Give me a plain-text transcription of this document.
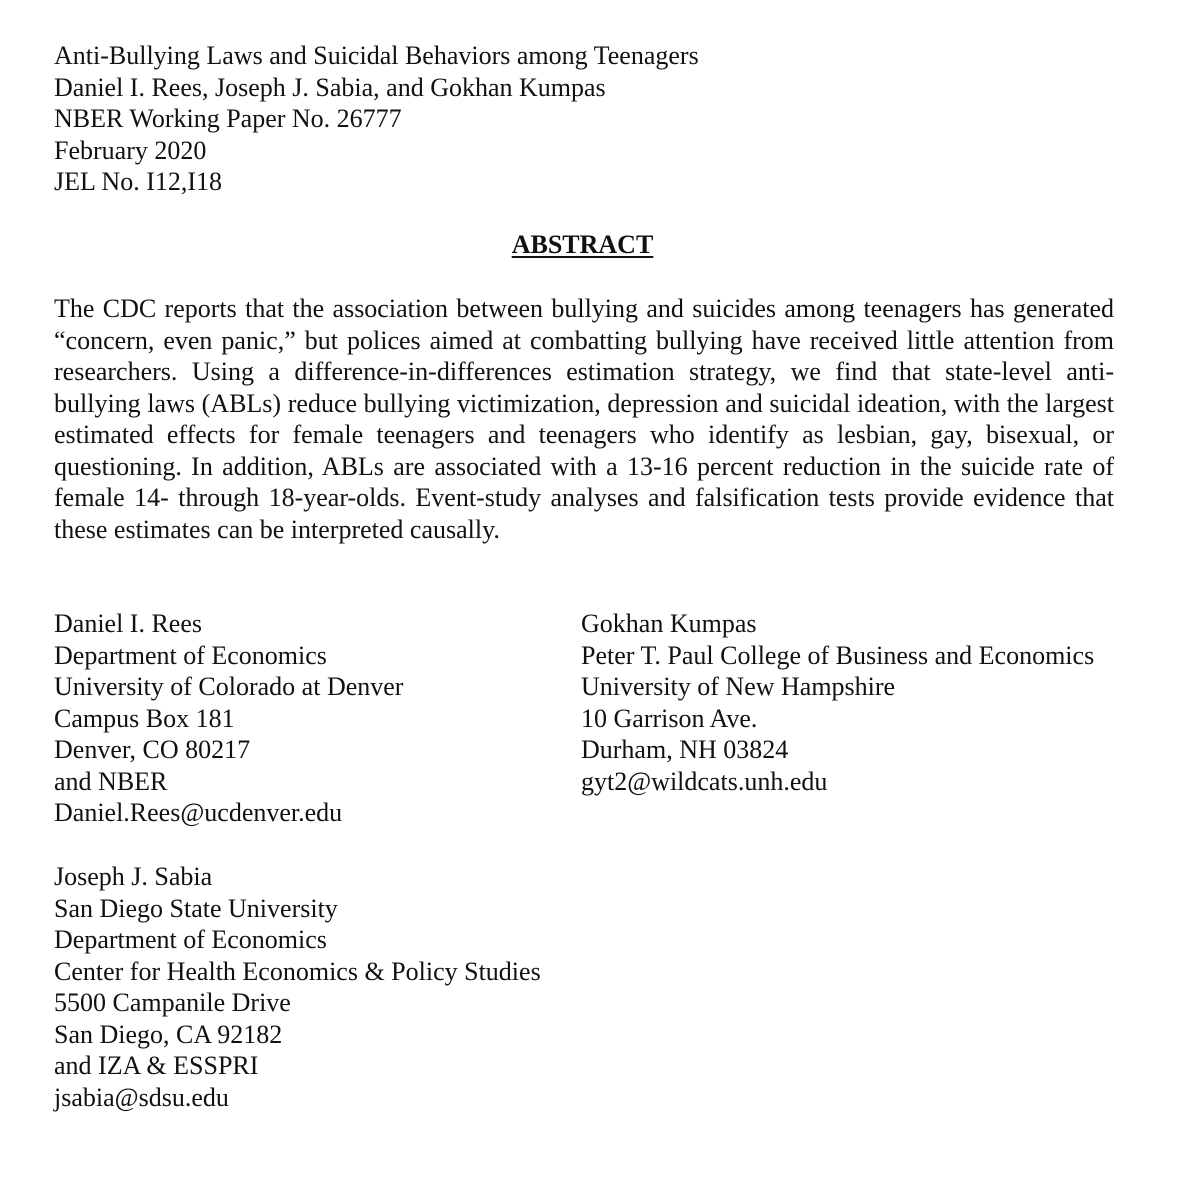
Anti-Bullying Laws and Suicidal Behaviors among Teenagers
Daniel I. Rees, Joseph J. Sabia, and Gokhan Kumpas
NBER Working Paper No. 26777
February 2020
JEL No. I12,I18
ABSTRACT

The CDC reports that the association between bullying and suicides among teenagers has generated “concern, even panic,” but polices aimed at combatting bullying have received little attention from researchers. Using a difference-in-differences estimation strategy, we find that state-level anti-bullying laws (ABLs) reduce bullying victimization, depression and suicidal ideation, with the largest estimated effects for female teenagers and teenagers who identify as lesbian, gay, bisexual, or questioning. In addition, ABLs are associated with a 13-16 percent reduction in the suicide rate of female 14- through 18-year-olds. Event-study analyses and falsification tests provide evidence that these estimates can be interpreted causally.

Daniel I. Rees
Department of Economics
University of Colorado at Denver
Campus Box 181
Denver, CO 80217
and NBER
Daniel.Rees@ucdenver.edu
Gokhan Kumpas
Peter T. Paul College of Business and Economics
University of New Hampshire
10 Garrison Ave.
Durham, NH 03824
gyt2@wildcats.unh.edu
Joseph J. Sabia
San Diego State University
Department of Economics
Center for Health Economics & Policy Studies
5500 Campanile Drive
San Diego, CA 92182
and IZA & ESSPRI
jsabia@sdsu.edu
